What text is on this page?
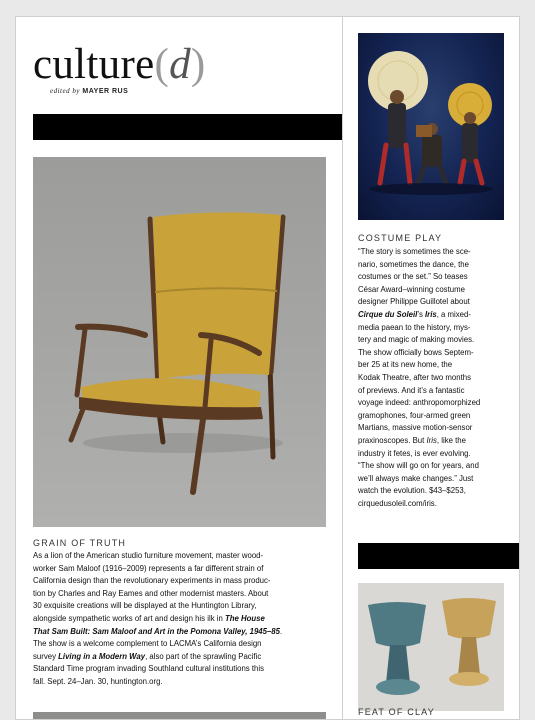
culture(d)
edited by MAYER RUS
GRAIN OF TRUTH
As a lion of the American studio furniture movement, master wood-
worker Sam Maloof (1916–2009) represents a far different strain of
California design than the revolutionary experiments in mass produc-
tion by Charles and Ray Eames and other modernist masters. About
30 exquisite creations will be displayed at the Huntington Library,
alongside sympathetic works of art and design his ilk in The House
That Sam Built: Sam Maloof and Art in the Pomona Valley, 1945–85.
The show is a welcome complement to LACMA’s California design
survey Living in a Modern Way, also part of the sprawling Pacific
Standard Time program invading Southland cultural institutions this
fall. Sept. 24–Jan. 30, huntington.org.
COSTUME PLAY
“The story is sometimes the sce-
nario, sometimes the dance, the
costumes or the set.” So teases
César Award–winning costume
designer Philippe Guillotel about
Cirque du Soleil’s Iris, a mixed-
media paean to the history, mys-
tery and magic of making movies.
The show officially bows Septem-
ber 25 at its new home, the
Kodak Theatre, after two months
of previews. And it’s a fantastic
voyage indeed: anthropomorphized
gramophones, four-armed green
Martians, massive motion-sensor
praxinoscopes. But Iris, like the
industry it fetes, is ever evolving.
“The show will go on for years, and
we’ll always make changes.” Just
watch the evolution. $43–$253,
cirquedusoleil.com/iris.
FEAT OF CLAY
